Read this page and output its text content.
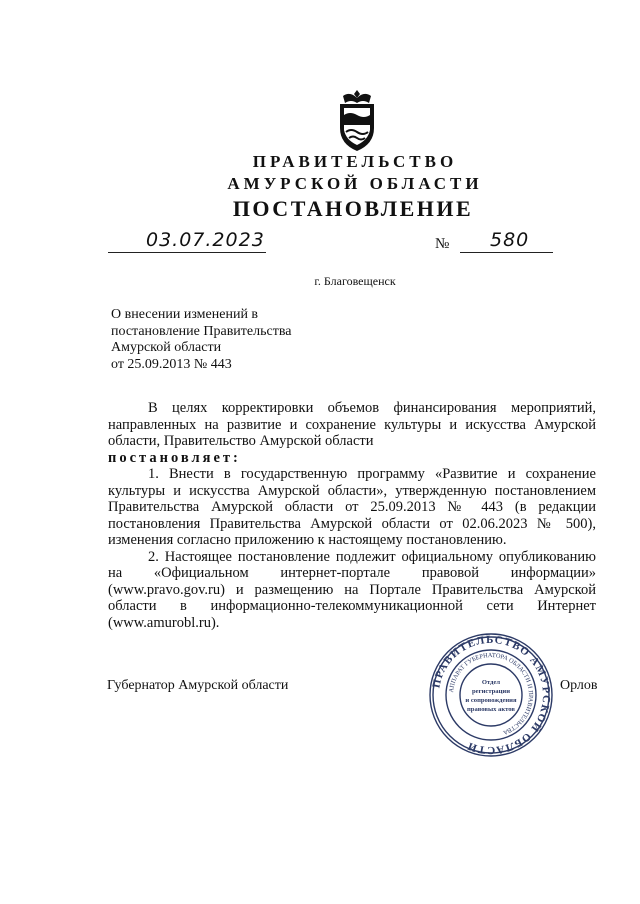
ПРАВИТЕЛЬСТВО
АМУРСКОЙ ОБЛАСТИ
ПОСТАНОВЛЕНИЕ
03.07.2023	№ 580
г. Благовещенск
О внесении изменений в
постановление Правительства
Амурской области
от 25.09.2013 № 443

В целях корректировки объемов финансирования мероприятий, направленных на развитие и сохранение культуры и искусства Амурской области, Правительство Амурской области

постановляет:

1. Внести в государственную программу «Развитие и сохранение культуры и искусства Амурской области», утвержденную постановлением Правительства Амурской области от 25.09.2013 № 443 (в редакции постановления Правительства Амурской области от 02.06.2023 № 500), изменения согласно приложению к настоящему постановлению.

2. Настоящее постановление подлежит официальному опубликованию на «Официальном интернет-портале правовой информации» (www.pravo.gov.ru) и размещению на Портале Правительства Амурской области в информационно-телекоммуникационной сети Интернет (www.amurobl.ru).

Губернатор Амурской области	Орлов
ПРАВИТЕЛЬСТВО АМУРСКОЙ ОБЛАСТИ
АППАРАТ ГУБЕРНАТОРА ОБЛАСТИ И ПРАВИТЕЛЬСТВА
Отдел
регистрации
и сопровождения
правовых актов
